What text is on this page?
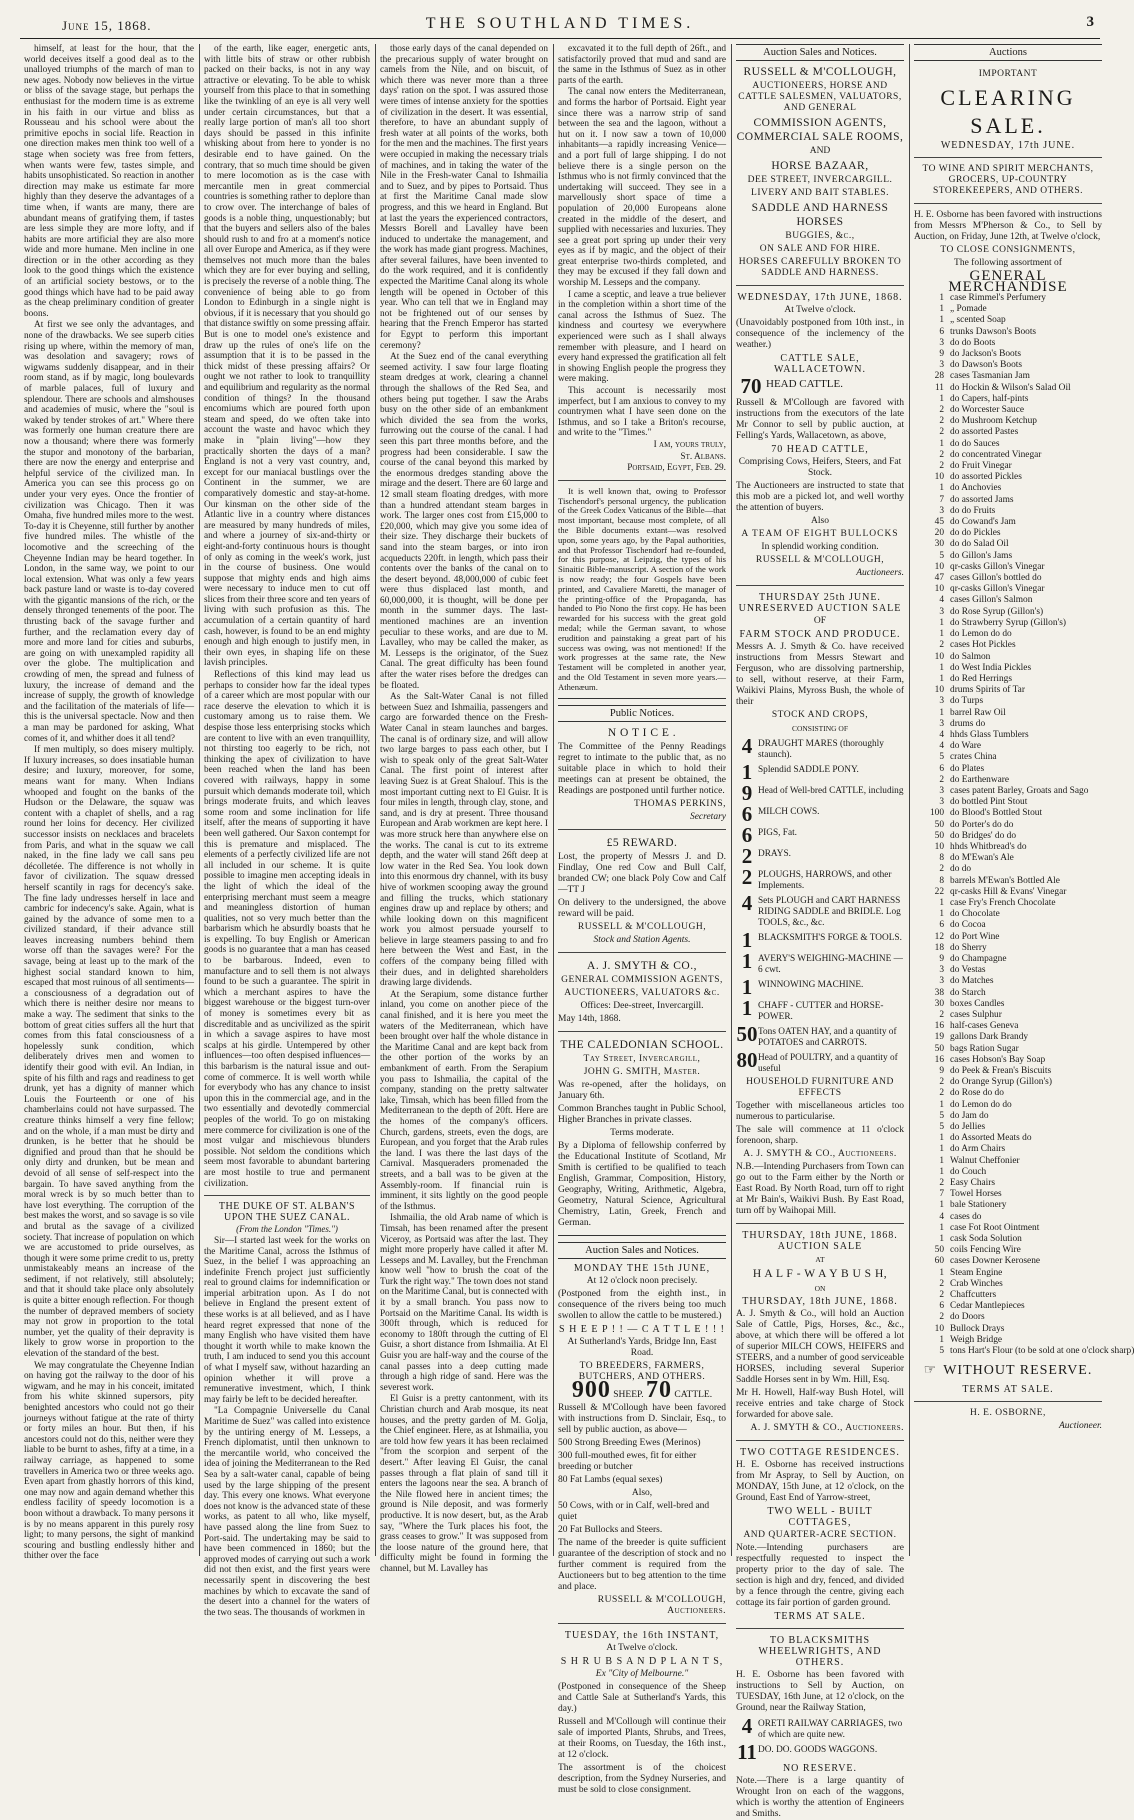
June 15, 1868.	THE SOUTHLAND TIMES.	3

himself, at least for the hour, that the world deceives itself a good deal as to the unalloyed triumphs of the march of man to new ages. Nobody now believes in the virtue or bliss of the savage stage, but perhaps the enthusiast for the modern time is as extreme in his faith in our virtue and bliss as Rousseau and his school were about the primitive epochs in social life. Reaction in one direction makes men think too well of a stage when society was free from fetters, when wants were few, tastes simple, and habits unsophisticated. So reaction in another direction may make us estimate far more highly than they deserve the advantages of a time when, if wants are many, there are abundant means of gratifying them, if tastes are less simple they are more lofty, and if habits are more artificial they are also more wide and more humane. Men incline in one direction or in the other according as they look to the good things which the existence of an artificial society bestows, or to the good things which have had to be paid away as the cheap preliminary condition of greater boons.

At first we see only the advantages, and none of the drawbacks. We see superb cities rising up where, within the memory of man, was desolation and savagery; rows of wigwams suddenly disappear, and in their room stand, as if by magic, long boulevards of marble palaces, full of luxury and splendour. There are schools and almshouses and academies of music, where the "soul is waked by tender strokes of art." Where there was formerly one human creature there are now a thousand; where there was formerly the stupor and monotony of the barbarian, there are now the energy and enterprise and helpful service of the civilized man. In America you can see this process go on under your very eyes. Once the frontier of civilization was Chicago. Then it was Omaha, five hundred miles more to the west. To-day it is Cheyenne, still further by another five hundred miles. The whistle of the locomotive and the screeching of the Cheyenne Indian may be heard together. In London, in the same way, we point to our local extension. What was only a few years back pasture land or waste is to-day covered with the gigantic mansions of the rich, or the densely thronged tenements of the poor. The thrusting back of the savage further and further, and the reclamation every day of more and more land for cities and suburbs, are going on with unexampled rapidity all over the globe. The multiplication and crowding of men, the spread and fulness of luxury, the increase of demand and the increase of supply, the growth of knowledge and the facilitation of the materials of life—this is the universal spectacle. Now and then a man may be pardoned for asking, What comes of it, and whither does it all tend?

If men multiply, so does misery multiply. If luxury increases, so does insatiable human desire; and luxury, moreover, for some, means want for many. When Indians whooped and fought on the banks of the Hudson or the Delaware, the squaw was content with a chaplet of shells, and a rag round her loins for decency. Her civilized successor insists on necklaces and bracelets from Paris, and what in the squaw we call naked, in the fine lady we call sans peu décolletée. The difference is not wholly in favor of civilization. The squaw dressed herself scantily in rags for decency's sake. The fine lady undresses herself in lace and cambric for indecency's sake. Again, what is gained by the advance of some men to a civilized standard, if their advance still leaves increasing numbers behind them worse off than the savages were? For the savage, being at least up to the mark of the highest social standard known to him, escaped that most ruinous of all sentiments—a consciousness of a degradation out of which there is neither desire nor means to make a way. The sediment that sinks to the bottom of great cities suffers all the hurt that comes from this fatal consciousness of a hopelessly sunk condition, which deliberately drives men and women to identify their good with evil. An Indian, in spite of his filth and rags and readiness to get drunk, yet has a dignity of manner which Louis the Fourteenth or one of his chamberlains could not have surpassed. The creature thinks himself a very fine fellow; and on the whole, if a man must be dirty and drunken, is he better that he should be dignified and proud than that he should be only dirty and drunken, but be mean and devoid of all sense of self-respect into the bargain. To have saved anything from the moral wreck is by so much better than to have lost everything. The corruption of the best makes the worst, and so savage is so vile and brutal as the savage of a civilized society. That increase of population on which we are accustomed to pride ourselves, as though it were some prime credit to us, pretty unmistakeably means an increase of the sediment, if not relatively, still absolutely; and that it should take place only absolutely is quite a bitter enough reflection. For though the number of depraved members of society may not grow in proportion to the total number, yet the quality of their depravity is likely to grow worse in proportion to the elevation of the standard of the best.

We may congratulate the Cheyenne Indian on having got the railway to the door of his wigwam, and he may in his conceit, imitated from his white skinned supersors, pity benighted ancestors who could not go their journeys without fatigue at the rate of thirty or forty miles an hour. But then, if his ancestors could not do this, neither were they liable to be burnt to ashes, fifty at a time, in a railway carriage, as happened to some travellers in America two or three weeks ago. Even apart from ghastly horrors of this kind, one may now and again demand whether this endless facility of speedy locomotion is a boon without a drawback. To many persons it is by no means apparent in this purely rosy light; to many persons, the sight of mankind scouring and bustling endlessly hither and thither over the face

of the earth, like eager, energetic ants, with little bits of straw or other rubbish packed on their backs, is not in any way attractive or elevating. To be able to whisk yourself from this place to that in something like the twinkling of an eye is all very well under certain circumstances, but that a really large portion of man's all too short days should be passed in this infinite whisking about from here to yonder is no desirable end to have gained. On the contrary, that so much time should be given to mere locomotion as is the case with mercantile men in great commercial countries is something rather to deplore than to crow over. The interchange of bales of goods is a noble thing, unquestionably; but that the buyers and sellers also of the bales should rush to and fro at a moment's notice all over Europe and America, as if they were themselves not much more than the bales which they are for ever buying and selling, is precisely the reverse of a noble thing. The convenience of being able to go from London to Edinburgh in a single night is obvious, if it is necessary that you should go that distance swiftly on some pressing affair. But is one to model one's existence and draw up the rules of one's life on the assumption that it is to be passed in the thick midst of these pressing affairs? Or ought we not rather to look to tranquillity and equilibrium and regularity as the normal condition of things? In the thousand encomiums which are poured forth upon steam and speed, do we often take into account the waste and havoc which they make in "plain living"—how they practically shorten the days of a man? England is not a very vast country, and, except for our maniacal bustlings over the Continent in the summer, we are comparatively domestic and stay-at-home. Our kinsman on the other side of the Atlantic live in a country where distances are measured by many hundreds of miles, and where a journey of six-and-thirty or eight-and-forty continuous hours is thought of only as coming in the week's work, just in the course of business. One would suppose that mighty ends and high aims were necessary to induce men to cut off slices from their three score and ten years of living with such profusion as this. The accumulation of a certain quantity of hard cash, however, is found to be an end mighty enough and high enough to justify men, in their own eyes, in shaping life on these lavish principles.

Reflections of this kind may lead us perhaps to consider how far the ideal types of a career which are most popular with our race deserve the elevation to which it is customary among us to raise them. We despise those less enterprising stocks which are content to live with an even tranquillity, not thirsting too eagerly to be rich, not thinking the apex of civilization to have been reached when the land has been covered with railways, happy in some pursuit which demands moderate toil, which brings moderate fruits, and which leaves some room and some inclination for life itself, after the means of supporting it have been well gathered. Our Saxon contempt for this is premature and misplaced. The elements of a perfectly civilized life are not all included in our scheme. It is quite possible to imagine men accepting ideals in the light of which the ideal of the enterprising merchant must seem a meagre and meaningless distortion of human qualities, not so very much better than the barbarism which he absurdly boasts that he is expelling. To buy English or American goods is no guarantee that a man has ceased to be barbarous. Indeed, even to manufacture and to sell them is not always found to be such a guarantee. The spirit in which a merchant aspires to have the biggest warehouse or the biggest turn-over of money is sometimes every bit as discreditable and as uncivilized as the spirit in which a savage aspires to have most scalps at his girdle. Untempered by other influences—too often despised influences—this barbarism is the natural issue and out-come of commerce. It is well worth while for everybody who has any chance to insist upon this in the commercial age, and in the two essentially and devotedly commercial peoples of the world. To go on mistaking mere commerce for civilization is one of the most vulgar and mischievous blunders possible. Not seldom the conditions which seem most favorable to abundant bartering are most hostile to true and permanent civilization.

THE DUKE OF ST. ALBAN'S UPON THE SUEZ CANAL.

(From the London "Times.")

Sir—I started last week for the works on the Maritime Canal, across the Isthmus of Suez, in the belief I was approaching an indefinite French project just sufficiently real to ground claims for indemnification or imperial arbitration upon. As I do not believe in England the present extent of these works is at all believed, and as I have heard regret expressed that none of the many English who have visited them have thought it worth while to make known the truth, I am induced to send you this account of what I myself saw, without hazarding an opinion whether it will prove a remunerative investment, which, I think may fairly be left to be decided hereafter.

"La Compagnie Universelle du Canal Maritime de Suez" was called into existence by the untiring energy of M. Lesseps, a French diplomatist, until then unknown to the mercantile world, who conceived the idea of joining the Mediterranean to the Red Sea by a salt-water canal, capable of being used by the large shipping of the present day. This every one knows. What everyone does not know is the advanced state of these works, as patent to all who, like myself, have passed along the line from Suez to Port-said. The undertaking may be said to have been commenced in 1860; but the approved modes of carrying out such a work did not then exist, and the first years were necessarily spent in discovering the best machines by which to excavate the sand of the desert into a channel for the waters of the two seas. The thousands of workmen in

those early days of the canal depended on the precarious supply of water brought on camels from the Nile, and on biscuit, of which there was never more than a three days' ration on the spot. I was assured those were times of intense anxiety for the spotties of civilization in the desert. It was essential, therefore, to have an abundant supply of fresh water at all points of the works, both for the men and the machines. The first years were occupied in making the necessary trials of machines, and in taking the water of the Nile in the Fresh-water Canal to Ishmailia and to Suez, and by pipes to Portsaid. Thus at first the Maritime Canal made slow progress, and this we heard in England. But at last the years the experienced contractors, Messrs Borell and Lavalley have been induced to undertake the management, and the work has made giant progress. Machines, after several failures, have been invented to do the work required, and it is confidently expected the Maritime Canal along its whole length will be opened in October of this year. Who can tell that we in England may not be frightened out of our senses by hearing that the French Emperor has started for Egypt to perform this important ceremony?

At the Suez end of the canal everything seemed activity. I saw four large floating steam dredges at work, clearing a channel through the shallows of the Red Sea, and others being put together. I saw the Arabs busy on the other side of an embankment which divided the sea from the works, furrowing out the course of the canal. I had seen this part three months before, and the progress had been considerable. I saw the course of the canal beyond this marked by the enormous dredges standing above the mirage and the desert. There are 60 large and 12 small steam floating dredges, with more than a hundred attendant steam barges in work. The larger ones cost from £15,000 to £20,000, which may give you some idea of their size. They discharge their buckets of sand into the steam barges, or into iron acqueducts 220ft. in length, which pass their contents over the banks of the canal on to the desert beyond. 48,000,000 of cubic feet were thus displaced last month, and 60,000,000, it is thought, will be done per month in the summer days. The last-mentioned machines are an invention peculiar to these works, and are due to M. Lavalley, who may be called the maker, as M. Lesseps is the originator, of the Suez Canal. The great difficulty has been found after the water rises before the dredges can be floated.

As the Salt-Water Canal is not filled between Suez and Ishmailia, passengers and cargo are forwarded thence on the Fresh-Water Canal in steam launches and barges. The canal is of ordinary size, and will allow two large barges to pass each other, but I wish to speak only of the great Salt-Water Canal. The first point of interest after leaving Suez is at Great Shalouf. This is the most important cutting next to El Guisr. It is four miles in length, through clay, stone, and sand, and is dry at present. Three thousand European and Arab workmen are kept here. I was more struck here than anywhere else on the works. The canal is cut to its extreme depth, and the water will stand 26ft deep at low water in the Red Sea. You look down into this enormous dry channel, with its busy hive of workmen scooping away the ground and filling the trucks, which stationary engines draw up and replace by others; and while looking down on this magnificent work you almost persuade yourself to believe in large steamers passing to and fro here between the West and East, in the coffers of the company being filled with their dues, and in delighted shareholders drawing large dividends.

At the Serapium, some distance further inland, you come on another piece of the canal finished, and it is here you meet the waters of the Mediterranean, which have been brought over half the whole distance in the Maritime Canal and are kept back from the other portion of the works by an embankment of earth. From the Serapium you pass to Ishmailia, the capital of the company, standing on the pretty saltwater lake, Timsah, which has been filled from the Mediterranean to the depth of 20ft. Here are the homes of the company's officers. Church, gardens, streets, even the dogs, are European, and you forget that the Arab rules the land. I was there the last days of the Carnival. Masqueraders promenaded the streets, and a ball was to be given at the Assembly-room. If financial ruin is imminent, it sits lightly on the good people of the Isthmus.

Ishmailia, the old Arab name of which is Timsah, has been renamed after the present Viceroy, as Portsaid was after the last. They might more properly have called it after M. Lesseps and M. Lavalley, but the Frenchman know well "how to brush the coat of the Turk the right way." The town does not stand on the Maritime Canal, but is connected with it by a small branch. You pass now to Portsaid on the Maritime Canal. Its width is 300ft through, which is reduced for economy to 180ft through the cutting of El Guisr, a short distance from Ishmailia. At El Guisr you are half-way and the course of the canal passes into a deep cutting made through a high ridge of sand. Here was the severest work.

El Guisr is a pretty cantonment, with its Christian church and Arab mosque, its neat houses, and the pretty garden of M. Golja, the Chief engineer. Here, as at Ishmailia, you are told how few years it has been reclaimed "from the scorpion and serpent of the desert." After leaving El Guisr, the canal passes through a flat plain of sand till it enters the lagoons near the sea. A branch of the Nile flowed here in ancient times; the ground is Nile deposit, and was formerly productive. It is now desert, but, as the Arab say, "Where the Turk places his foot, the grass ceases to grow." It was supposed from the loose nature of the ground here, that difficulty might be found in forming the channel, but M. Lavalley has

excavated it to the full depth of 26ft., and satisfactorily proved that mud and sand are the same in the Isthmus of Suez as in other parts of the earth.

The canal now enters the Mediterranean, and forms the harbor of Portsaid. Eight year since there was a narrow strip of sand between the sea and the lagoon, without a hut on it. I now saw a town of 10,000 inhabitants—a rapidly increasing Venice—and a port full of large shipping. I do not believe there is a single person on the Isthmus who is not firmly convinced that the undertaking will succeed. They see in a marvellously short space of time a population of 20,000 Europeans alone created in the middle of the desert, and supplied with necessaries and luxuries. They see a great port spring up under their very eyes as if by magic, and the object of their great enterprise two-thirds completed, and they may be excused if they fall down and worship M. Lesseps and the company.

I came a sceptic, and leave a true believer in the completion within a short time of the canal across the Isthmus of Suez. The kindness and courtesy we everywhere experienced were such as I shall always remember with pleasure, and I heard on every hand expressed the gratification all felt in showing English people the progress they were making.

This account is necessarily most imperfect, but I am anxious to convey to my countrymen what I have seen done on the Isthmus, and so I take a Briton's recourse, and write to the "Times."

I am, yours truly,

St. Albans.

Portsaid, Egypt, Feb. 29.

It is well known that, owing to Professor Tischendorf's personal urgency, the publication of the Greek Codex Vaticanus of the Bible—that most important, because most complete, of all the Bible documents extant—was resolved upon, some years ago, by the Papal authorities, and that Professor Tischendorf had re-founded, for this purpose, at Leipzig, the types of his Sinaitic Bible-manuscript. A section of the work is now ready; the four Gospels have been printed, and Cavaliere Maretti, the manager of the printing-office of the Propaganda, has handed to Pio Nono the first copy. He has been rewarded for his success with the great gold medal; while the German savant, to whose erudition and painstaking a great part of his success was owing, was not mentioned! If the work progresses at the same rate, the New Testament will be completed in another year, and the Old Testament in seven more years.—Athenæum.

Public Notices.
N O T I C E .

The Committee of the Penny Readings regret to intimate to the public that, as no suitable place in which to hold their meetings can at present be obtained, the Readings are postponed until further notice.

THOMAS PERKINS,

Secretary

£5 REWARD.

Lost, the property of Messrs J. and D. Findlay, One red Cow and Bull Calf, branded CW; one black Poly Cow and Calf—TT J

On delivery to the undersigned, the above reward will be paid.

RUSSELL & M'COLLOUGH,

Stock and Station Agents.

A. J. SMYTH & CO.,

GENERAL COMMISSION AGENTS,

AUCTIONEERS, VALUATORS &c.

Offices: Dee-street, Invercargill.

May 14th, 1868.

THE CALEDONIAN SCHOOL.

Tay Street, Invercargill,

JOHN G. SMITH, Master.

Was re-opened, after the holidays, on January 6th.

Common Branches taught in Public School, Higher Branches in private classes.

Terms moderate.

By a Diploma of fellowship conferred by the Educational Institute of Scotland, Mr Smith is certified to be qualified to teach English, Grammar, Composition, History, Geography, Writing, Arithmetic, Algebra, Geometry, Natural Science, Agricultural Chemistry, Latin, Greek, French and German.

Auction Sales and Notices.
MONDAY THE 15th JUNE,

At 12 o'clock noon precisely.

(Postponed from the eighth inst., in consequence of the rivers being too much swollen to allow the cattle to be mustered.)

S H E E P ! ! — C A T T L E ! ! !

At Sutherland's Yards, Bridge Inn, East Road.

TO BREEDERS, FARMERS, BUTCHERS, AND OTHERS.

900 SHEEP. 70 CATTLE.

Russell & M'Collough have been favored with instructions from D. Sinclair, Esq., to sell by public auction, as above—

500 Strong Breeding Ewes (Merinos)

300 full-mouthed ewes, fit for either breeding or butcher

80 Fat Lambs (equal sexes)

Also,

50 Cows, with or in Calf, well-bred and quiet

20 Fat Bullocks and Steers.

The name of the breeder is quite sufficient guarantee of the description of stock and no further comment is required from the Auctioneers but to beg attention to the time and place.

RUSSELL & M'COLLOUGH, Auctioneers.

TUESDAY, the 16th INSTANT,

At Twelve o'clock.

S H R U B S A N D P L A N T S,

Ex "City of Melbourne."

(Postponed in consequence of the Sheep and Cattle Sale at Sutherland's Yards, this day.)

Russell and M'Collough will continue their sale of imported Plants, Shrubs, and Trees, at their Rooms, on Tuesday, the 16th inst., at 12 o'clock.

The assortment is of the choicest description, from the Sydney Nurseries, and must be sold to close consignment.

Auction Sales and Notices.
RUSSELL & M'COLLOUGH,

AUCTIONEERS, HORSE AND CATTLE SALESMEN, VALUATORS, AND GENERAL

COMMISSION AGENTS,
COMMERCIAL SALE ROOMS,

AND

HORSE BAZAAR,

DEE STREET, INVERCARGILL.

LIVERY AND BAIT STABLES.

SADDLE AND HARNESS HORSES

BUGGIES, &c.,

ON SALE AND FOR HIRE.

HORSES CAREFULLY BROKEN TO SADDLE AND HARNESS.

WEDNESDAY, 17th JUNE, 1868.

At Twelve o'clock.

(Unavoidably postponed from 10th inst., in consequence of the inclemency of the weather.)

CATTLE SALE, WALLACETOWN.
70 HEAD CATTLE.

Russell & M'Collough are favored with instructions from the executors of the late Mr Connor to sell by public auction, at Felling's Yards, Wallacetown, as above,

70 HEAD CATTLE,

Comprising Cows, Heifers, Steers, and Fat Stock.

The Auctioneers are instructed to state that this mob are a picked lot, and well worthy the attention of buyers.

Also

A TEAM OF EIGHT BULLOCKS

In splendid working condition.

RUSSELL & M'COLLOUGH,

Auctioneers.

THURSDAY 25th JUNE.
UNRESERVED AUCTION SALE

OF

FARM STOCK AND PRODUCE.

Messrs A. J. Smyth & Co. have received instructions from Messrs Stewart and Ferguson, who are dissolving partnership, to sell, without reserve, at their Farm, Waikivi Plains, Myross Bush, the whole of their

STOCK AND CROPS,

CONSISTING OF

4 DRAUGHT MARES (thoroughly staunch).
1 Splendid SADDLE PONY.
9 Head of Well-bred CATTLE, including
6 MILCH COWS.
6 PIGS, Fat.
2 DRAYS.
2 PLOUGHS, HARROWS, and other Implements.
4 Sets PLOUGH and CART HARNESS RIDING SADDLE and BRIDLE. Log TOOLS, &c., &c.
1 BLACKSMITH'S FORGE & TOOLS.
1 AVERY'S WEIGHING-MACHINE —6 cwt.
1 WINNOWING MACHINE.
1 CHAFF - CUTTER and HORSE-POWER.
50 Tons OATEN HAY, and a quantity of POTATOES and CARROTS.
80 Head of POULTRY, and a quantity of useful

HOUSEHOLD FURNITURE AND EFFECTS

Together with miscellaneous articles too numerous to particularise.

The sale will commence at 11 o'clock forenoon, sharp.

A. J. SMYTH & CO., Auctioneers.

N.B.—Intending Purchasers from Town can go out to the Farm either by the North or East Road. By North Road, turn off to right at Mr Bain's, Waikivi Bush. By East Road, turn off by Waihopai Mill.

THURSDAY, 18th JUNE, 1868.
AUCTION SALE

AT

H A L F - W A Y B U S H,

ON

THURSDAY, 18th JUNE, 1868.

A. J. Smyth & Co., will hold an Auction Sale of Cattle, Pigs, Horses, &c., &c., above, at which there will be offered a lot of superior MILCH COWS, HEIFERS and STEERS, and a number of good serviceable HORSES, including several Superior Saddle Horses sent in by Wm. Hill, Esq.

Mr H. Howell, Half-way Bush Hotel, will receive entries and take charge of Stock forwarded for above sale.

A. J. SMYTH & CO., Auctioneers.

TWO COTTAGE RESIDENCES.

H. E. Osborne has received instructions from Mr Aspray, to Sell by Auction, on MONDAY, 15th June, at 12 o'clock, on the Ground, East End of Yarrow-street,

TWO WELL - BUILT COTTAGES,

AND QUARTER-ACRE SECTION.

Note.—Intending purchasers are respectfully requested to inspect the property prior to the day of sale. The section is high and dry, fenced, and divided by a fence through the centre, giving each cottage its fair portion of garden ground.

TERMS AT SALE.
TO BLACKSMITHS WHEELWRIGHTS, AND OTHERS.

H. E. Osborne has been favored with instructions to Sell by Auction, on TUESDAY, 16th June, at 12 o'clock, on the Ground, near the Railway Station,

4 ORETI RAILWAY CARRIAGES, two of which are quite new.
11 DO. DO. GOODS WAGGONS.
NO RESERVE.

Note.—There is a large quantity of Wrought Iron on each of the waggons, which is worthy the attention of Engineers and Smiths.

Auctions

IMPORTANT

CLEARING SALE.
WEDNESDAY, 17th JUNE.

TO WINE AND SPIRIT MERCHANTS, GROCERS, UP-COUNTRY STOREKEEPERS, AND OTHERS.

H. E. Osborne has been favored with instructions from Messrs M'Pherson & Co., to Sell by Auction, on Friday, June 12th, at Twelve o'clock,

TO CLOSE CONSIGNMENTS,

The following assortment of

GENERAL MERCHANDISE
1 case Rimmel's Perfumery
1 „ Pomade
1 „ scented Soap
6 trunks Dawson's Boots
3 do do Boots
9 do Jackson's Boots
3 do Dawson's Boots
28 cases Tasmanian Jam
11 do Hockin & Wilson's Salad Oil
1 do Capers, half-pints
2 do Worcester Sauce
2 do Mushroom Ketchup
2 do assorted Pastes
1 do do Sauces
2 do concentrated Vinegar
2 do Fruit Vinegar
10 do assorted Pickles
1 do Anchovies
7 do assorted Jams
3 do do Fruits
45 do Cowand's Jam
20 do do Pickles
30 do do Salad Oil
5 do Gillon's Jams
10 qr-casks Gillon's Vinegar
47 cases Gillon's bottled do
10 qr-casks Gillon's Vinegar
4 cases Gillon's Salmon
3 do Rose Syrup (Gillon's)
1 do Strawberry Syrup (Gillon's)
1 do Lemon do do
2 cases Hot Pickles
10 do Salmon
1 do West India Pickles
1 do Red Herrings
10 drums Spirits of Tar
3 do Turps
1 barrel Raw Oil
3 drums do
4 hhds Glass Tumblers
4 do Ware
5 crates China
6 do Plates
2 do Earthenware
3 cases patent Barley, Groats and Sago
3 do bottled Pint Stout
100 do Blood's Bottled Stout
50 do Porter's do do
50 do Bridges' do do
10 hhds Whitbread's do
8 do M'Ewan's Ale
2 do do
8 barrels M'Ewan's Bottled Ale
22 qr-casks Hill & Evans' Vinegar
1 case Fry's French Chocolate
1 do Chocolate
6 do Cocoa
12 do Port Wine
18 do Sherry
9 do Champagne
3 do Vestas
3 do Matches
38 do Starch
30 boxes Candles
2 cases Sulphur
16 half-cases Geneva
19 gallons Dark Brandy
50 bags Ration Sugar
16 cases Hobson's Bay Soap
9 do Peek & Frean's Biscuits
2 do Orange Syrup (Gillon's)
2 do Rose do do
1 do Lemon do do
5 do Jam do
5 do Jellies
1 do Assorted Meats do
1 do Arm Chairs
1 Walnut Cheffonier
1 do Couch
2 Easy Chairs
7 Towel Horses
1 bale Stationery
4 cases do
1 case Fot Root Ointment
1 cask Soda Solution
50 coils Fencing Wire
60 cases Downer Kerosene
1 Steam Engine
2 Crab Winches
2 Chaffcutters
6 Cedar Mantlepieces
2 do Doors
10 Bullock Drays
1 Weigh Bridge
5 tons Hart's Flour (to be sold at one o'clock sharp)
☞ WITHOUT RESERVE.
TERMS AT SALE.

H. E. OSBORNE,

Auctioneer.
